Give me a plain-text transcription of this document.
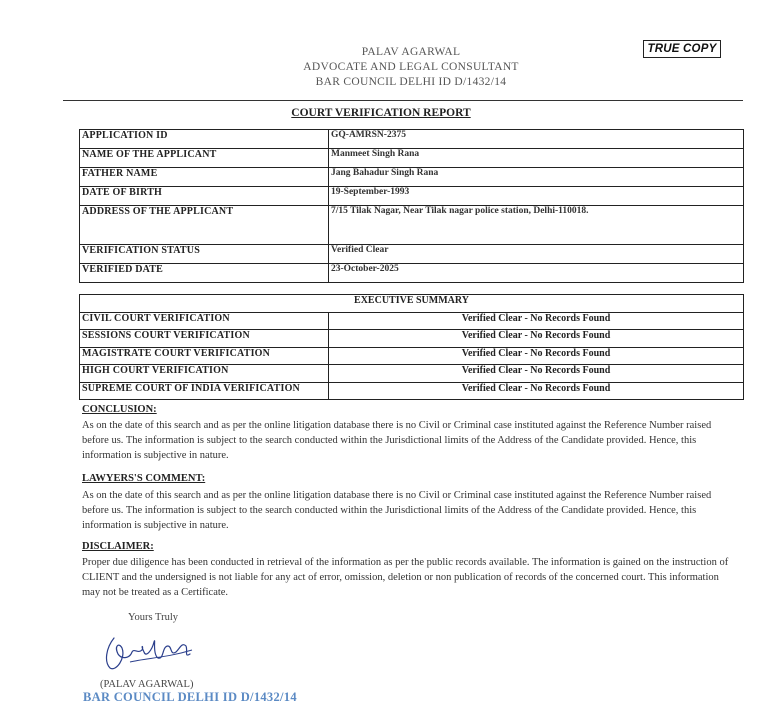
TRUE COPY
PALAV AGARWAL
ADVOCATE AND LEGAL CONSULTANT
BAR COUNCIL DELHI ID D/1432/14
COURT VERIFICATION REPORT
APPLICATION ID	GQ-AMRSN-2375
NAME OF THE APPLICANT	Manmeet Singh Rana
FATHER NAME	Jang Bahadur Singh Rana
DATE OF BIRTH	19-September-1993
ADDRESS OF THE APPLICANT	7/15 Tilak Nagar, Near Tilak nagar police station, Delhi-110018.
VERIFICATION STATUS	Verified Clear
VERIFIED DATE	23-October-2025
EXECUTIVE SUMMARY	
CIVIL COURT VERIFICATION	Verified Clear - No Records Found
SESSIONS COURT VERIFICATION	Verified Clear - No Records Found
MAGISTRATE COURT VERIFICATION	Verified Clear - No Records Found
HIGH COURT VERIFICATION	Verified Clear - No Records Found
SUPREME COURT OF INDIA VERIFICATION	Verified Clear - No Records Found
CONCLUSION:
As on the date of this search and as per the online litigation database there is no Civil or Criminal case instituted against the Reference Number raised before us. The information is subject to the search conducted within the Jurisdictional limits of the Address of the Candidate provided. Hence, this information is subjective in nature.
LAWYERS'S COMMENT:
As on the date of this search and as per the online litigation database there is no Civil or Criminal case instituted against the Reference Number raised before us. The information is subject to the search conducted within the Jurisdictional limits of the Address of the Candidate provided. Hence, this information is subjective in nature.
DISCLAIMER:
Proper due diligence has been conducted in retrieval of the information as per the public records available. The information is gained on the instruction of CLIENT and the undersigned is not liable for any act of error, omission, deletion or non publication of records of the concerned court. This information may not be treated as a Certificate.
Yours Truly
(PALAV AGARWAL)
BAR COUNCIL DELHI ID D/1432/14
